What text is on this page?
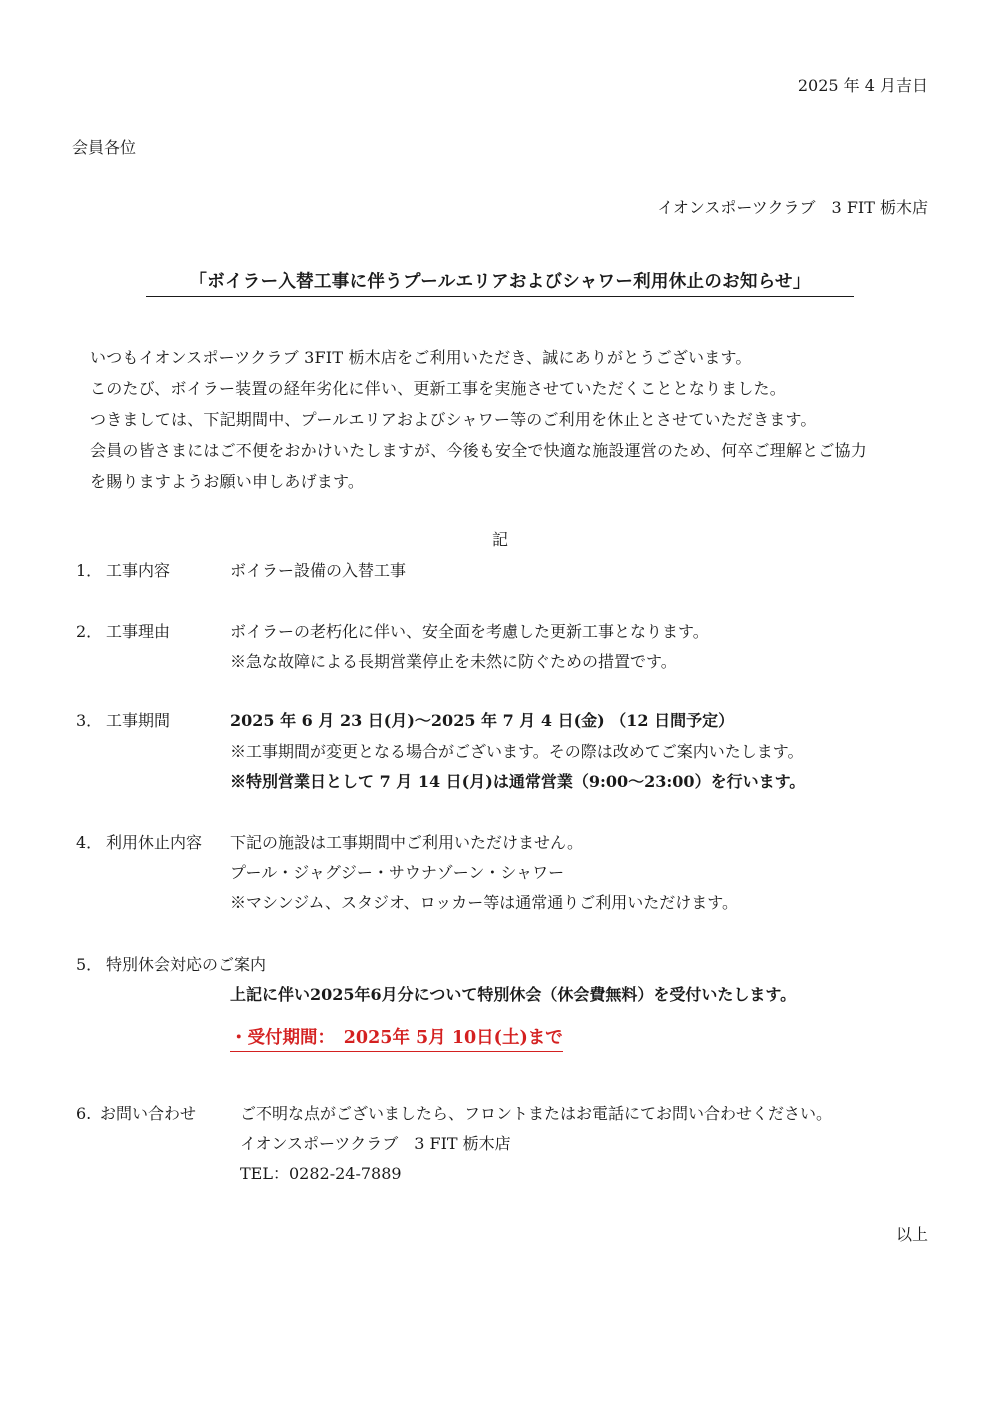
2025 年 4 月吉日
会員各位
イオンスポーツクラブ　3 FIT 栃木店
「ボイラー入替工事に伴うプールエリアおよびシャワー利用休止のお知らせ」
いつもイオンスポーツクラブ 3FIT 栃木店をご利用いただき、誠にありがとうございます。
このたび、ボイラー装置の経年劣化に伴い、更新工事を実施させていただくこととなりました。
つきましては、下記期間中、プールエリアおよびシャワー等のご利用を休止とさせていただきます。
会員の皆さまにはご不便をおかけいたしますが、今後も安全で快適な施設運営のため、何卒ご理解とご協力
を賜りますようお願い申しあげます。
記
1． 工事内容	ボイラー設備の入替工事
2． 工事理由	ボイラーの老朽化に伴い、安全面を考慮した更新工事となります。
※急な故障による長期営業停止を未然に防ぐための措置です。
3． 工事期間	2025 年 6 月 23 日(月)～2025 年 7 月 4 日(金) （12 日間予定）
※工事期間が変更となる場合がございます。その際は改めてご案内いたします。
※特別営業日として 7 月 14 日(月)は通常営業（9:00～23:00）を行います。
4． 利用休止内容 下記の施設は工事期間中ご利用いただけません。
プール・ジャグジー・サウナゾーン・シャワー
※マシンジム、スタジオ、ロッカー等は通常通りご利用いただけます。
5． 特別休会対応のご案内
上記に伴い2025年6月分について特別休会（休会費無料）を受付いたします。
・受付期間：　2025年 5月 10日(土)まで
6. お問い合わせ	ご不明な点がございましたら、フロントまたはお電話にてお問い合わせください。
イオンスポーツクラブ　3 FIT 栃木店
TEL：0282-24-7889
以上
